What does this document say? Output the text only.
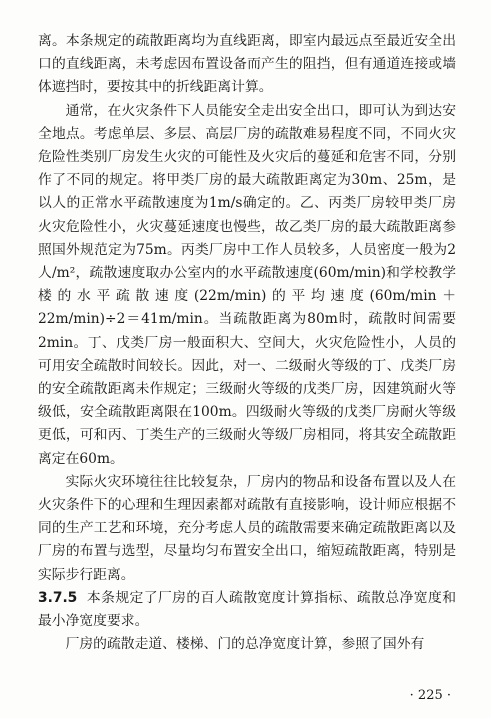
离。本条规定的疏散距离均为直线距离，即室内最远点至最近安全出口的直线距离，未考虑因布置设备而产生的阻挡，但有通道连接或墙体遮挡时，要按其中的折线距离计算。

通常，在火灾条件下人员能安全走出安全出口，即可认为到达安全地点。考虑单层、多层、高层厂房的疏散难易程度不同，不同火灾危险性类别厂房发生火灾的可能性及火灾后的蔓延和危害不同，分别作了不同的规定。将甲类厂房的最大疏散距离定为30m、25m，是以人的正常水平疏散速度为1m/s确定的。乙、丙类厂房较甲类厂房火灾危险性小，火灾蔓延速度也慢些，故乙类厂房的最大疏散距离参照国外规范定为75m。丙类厂房中工作人员较多，人员密度一般为2人/m²，疏散速度取办公室内的水平疏散速度(60m/min)和学校教学楼的水平疏散速度(22m/min)的平均速度(60m/min＋22m/min)÷2＝41m/min。当疏散距离为80m时，疏散时间需要2min。丁、戊类厂房一般面积大、空间大，火灾危险性小，人员的可用安全疏散时间较长。因此，对一、二级耐火等级的丁、戊类厂房的安全疏散距离未作规定；三级耐火等级的戊类厂房，因建筑耐火等级低，安全疏散距离限在100m。四级耐火等级的戊类厂房耐火等级更低，可和丙、丁类生产的三级耐火等级厂房相同，将其安全疏散距离定在60m。

实际火灾环境往往比较复杂，厂房内的物品和设备布置以及人在火灾条件下的心理和生理因素都对疏散有直接影响，设计师应根据不同的生产工艺和环境，充分考虑人员的疏散需要来确定疏散距离以及厂房的布置与选型，尽量均匀布置安全出口，缩短疏散距离，特别是实际步行距离。

3.7.5 本条规定了厂房的百人疏散宽度计算指标、疏散总净宽度和最小净宽度要求。

厂房的疏散走道、楼梯、门的总净宽度计算，参照了国外有

· 225 ·
